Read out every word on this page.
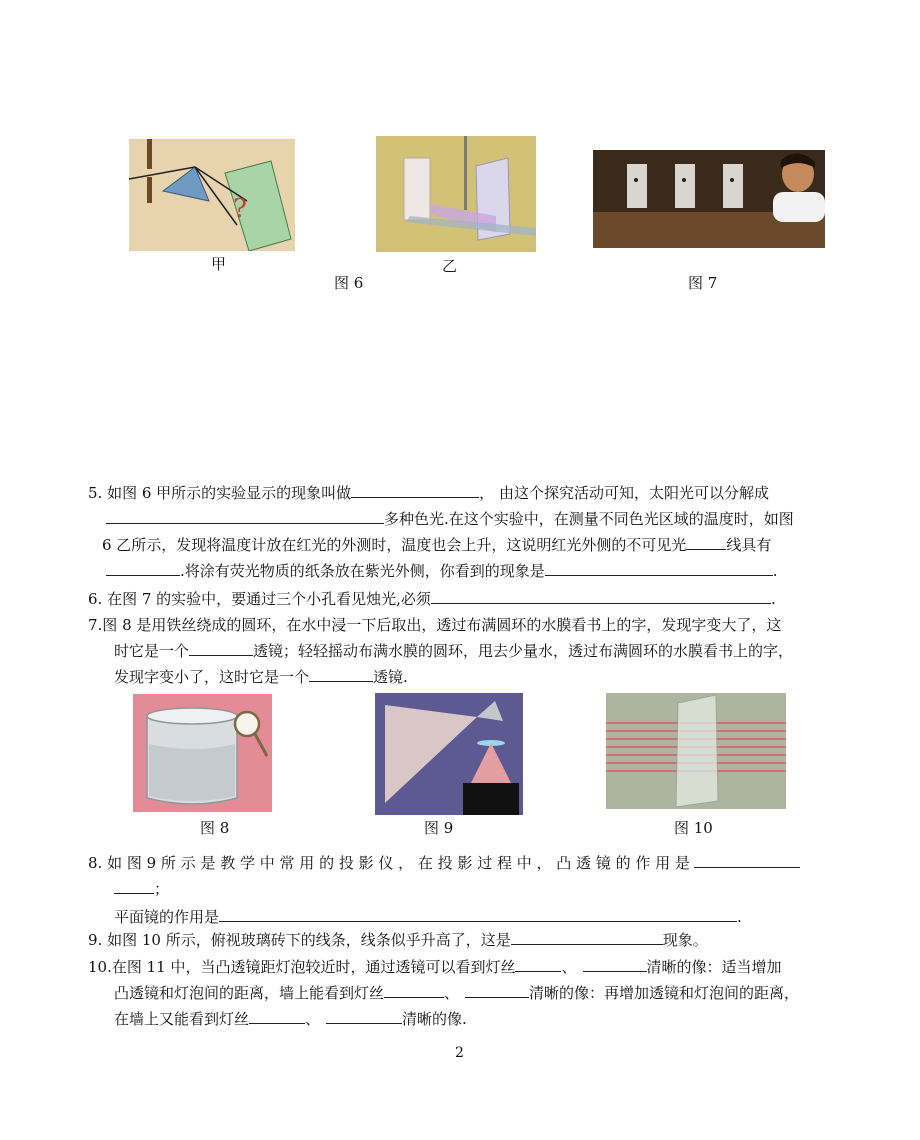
?
甲	乙
图 6	图 7
5. 如图 6 甲所示的实验显示的现象叫做	， 由这个探究活动可知，太阳光可以分解成
多种色光.在这个实验中，在测量不同色光区域的温度时，如图
6 乙所示，发现将温度计放在红光的外测时，温度也会上升，这说明红光外侧的不可见光	线具有
.将涂有荧光物质的纸条放在紫光外侧，你看到的现象是	.
6. 在图 7 的实验中，要通过三个小孔看见烛光,必须	.
7.图 8 是用铁丝绕成的圆环，在水中浸一下后取出，透过布满圆环的水膜看书上的字，发现字变大了，这
时它是一个	透镜；轻轻摇动布满水膜的圆环，甩去少量水，透过布满圆环的水膜看书上的字，
发现字变小了，这时它是一个	透镜.
图 8	图 9	图 10
8. 如 图 9 所 示 是 教 学 中 常 用 的 投 影 仪 ， 在 投 影 过 程 中 ， 凸 透 镜 的 作 用 是
；
平面镜的作用是	.
9. 如图 10 所示，俯视玻璃砖下的线条，线条似乎升高了，这是	现象。
10.在图 11 中，当凸透镜距灯泡较近时，通过透镜可以看到灯丝	、	清晰的像：适当增加
凸透镜和灯泡间的距离，墙上能看到灯丝	、	清晰的像：再增加透镜和灯泡间的距离，
在墙上又能看到灯丝	、	清晰的像.
2
